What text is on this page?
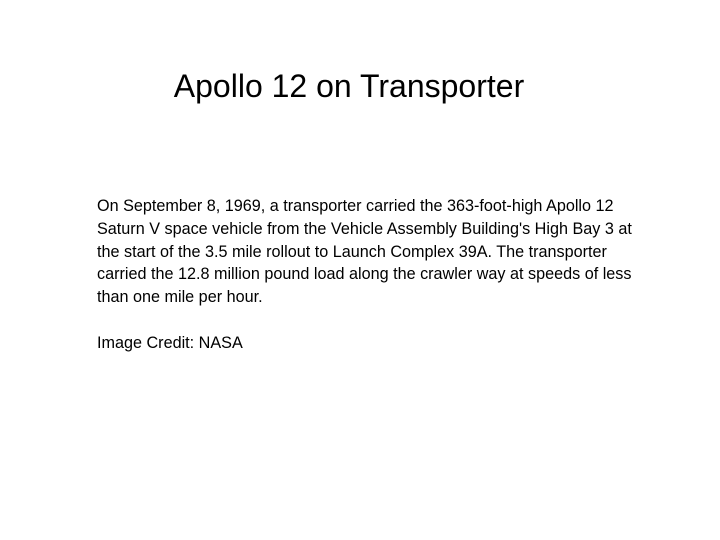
Apollo 12 on Transporter

On September 8, 1969, a transporter carried the 363-foot-high Apollo 12 Saturn V space vehicle from the Vehicle Assembly Building's High Bay 3 at the start of the 3.5 mile rollout to Launch Complex 39A. The transporter carried the 12.8 million pound load along the crawler way at speeds of less than one mile per hour.

Image Credit: NASA
